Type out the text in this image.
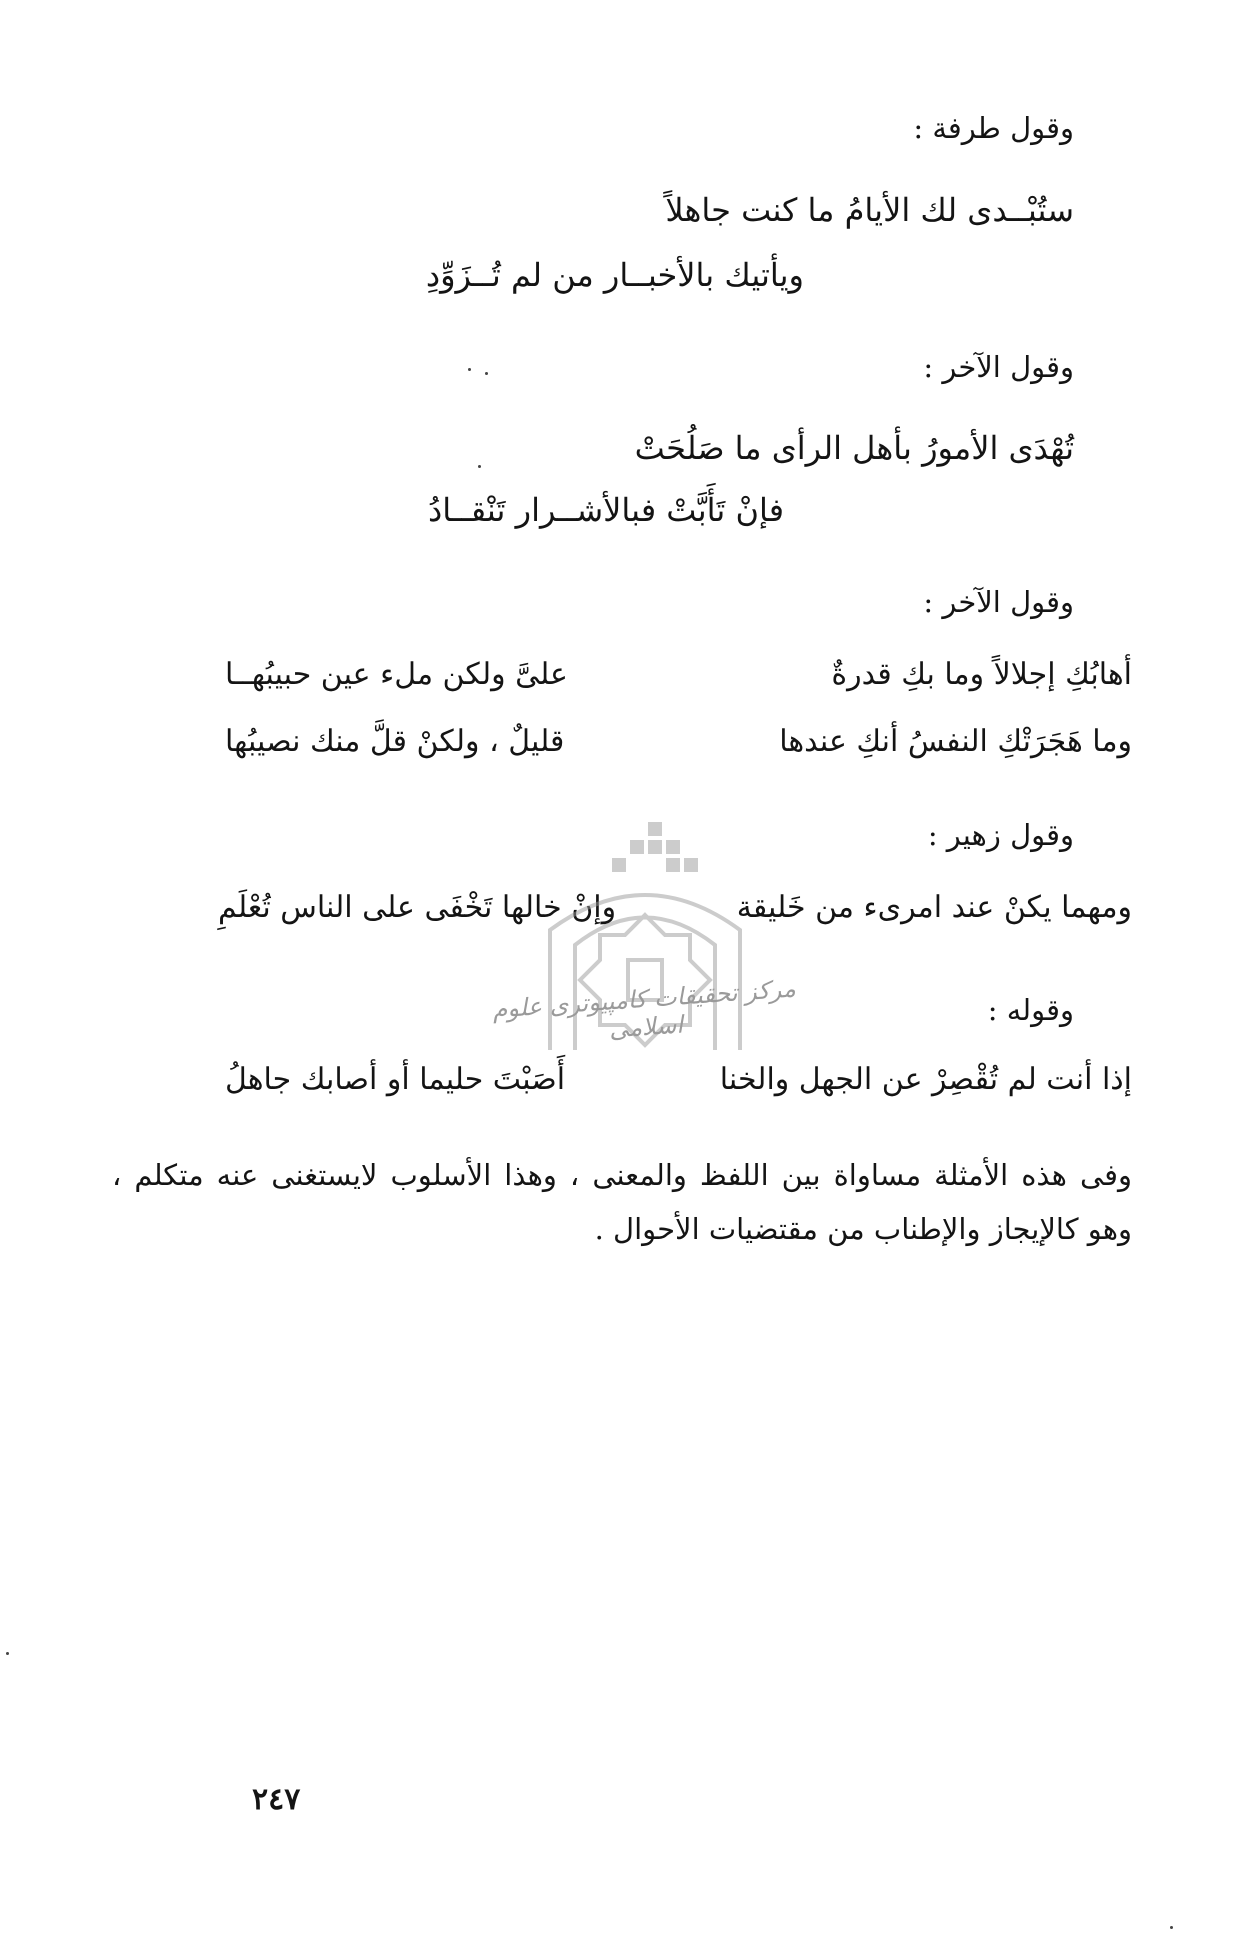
وقول طرفة :
ستُبْــدى لك الأيامُ ما كنت جاهلاً
ويأتيك بالأخبــار من لم تُــزَوِّدِ
وقول الآخر :
تُهْدَى الأمورُ بأهل الرأى ما صَلُحَتْ
فإنْ تَأَبَّتْ فبالأشــرار تَنْقــادُ
وقول الآخر :
أهابُكِ إجلالاً وما بكِ قدرةٌ
علىَّ ولكن ملء عين حبيبُهــا
وما هَجَرَتْكِ النفسُ أنكِ عندها
قليلٌ ، ولكنْ قلَّ منك نصيبُها
وقول زهير :
ومهما يكنْ عند امرىء من خَليقة
وإنْ خالها تَخْفَى على الناس تُعْلَمِ
وقوله :
إذا أنت لم تُقْصِرْ عن الجهل والخنا
أَصَبْتَ حليما أو أصابك جاهلُ
وفى هذه الأمثلة مساواة بين اللفظ والمعنى ، وهذا الأسلوب لايستغنى عنه متكلم ، وهو كالإيجاز والإطناب من مقتضيات الأحوال .
٢٤٧
مرکز تحقیقات کامپیوتری علوم اسلامی
